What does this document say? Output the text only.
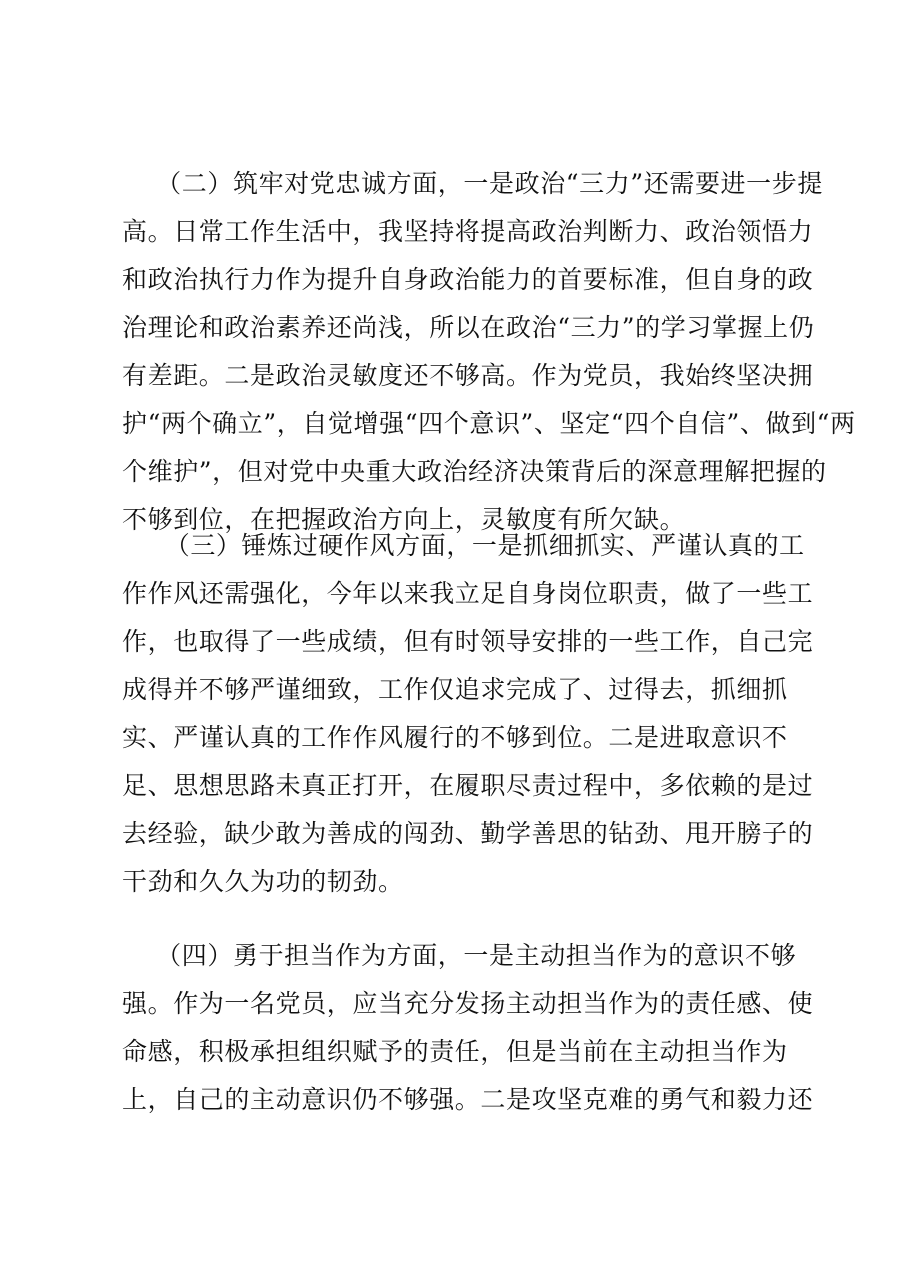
（二）筑牢对党忠诚方面，一是政治“三力”还需要进一步提
高。日常工作生活中，我坚持将提高政治判断力、政治领悟力
和政治执行力作为提升自身政治能力的首要标准，但自身的政
治理论和政治素养还尚浅，所以在政治“三力”的学习掌握上仍
有差距。二是政治灵敏度还不够高。作为党员，我始终坚决拥
护“两个确立”，自觉增强“四个意识”、坚定“四个自信”、做到“两
个维护”，但对党中央重大政治经济决策背后的深意理解把握的
不够到位，在把握政治方向上，灵敏度有所欠缺。

（三）锤炼过硬作风方面，一是抓细抓实、严谨认真的工
作作风还需强化，今年以来我立足自身岗位职责，做了一些工
作，也取得了一些成绩，但有时领导安排的一些工作，自己完
成得并不够严谨细致，工作仅追求完成了、过得去，抓细抓
实、严谨认真的工作作风履行的不够到位。二是进取意识不
足、思想思路未真正打开，在履职尽责过程中，多依赖的是过
去经验，缺少敢为善成的闯劲、勤学善思的钻劲、甩开膀子的
干劲和久久为功的韧劲。

（四）勇于担当作为方面，一是主动担当作为的意识不够
强。作为一名党员，应当充分发扬主动担当作为的责任感、使
命感，积极承担组织赋予的责任，但是当前在主动担当作为
上，自己的主动意识仍不够强。二是攻坚克难的勇气和毅力还
